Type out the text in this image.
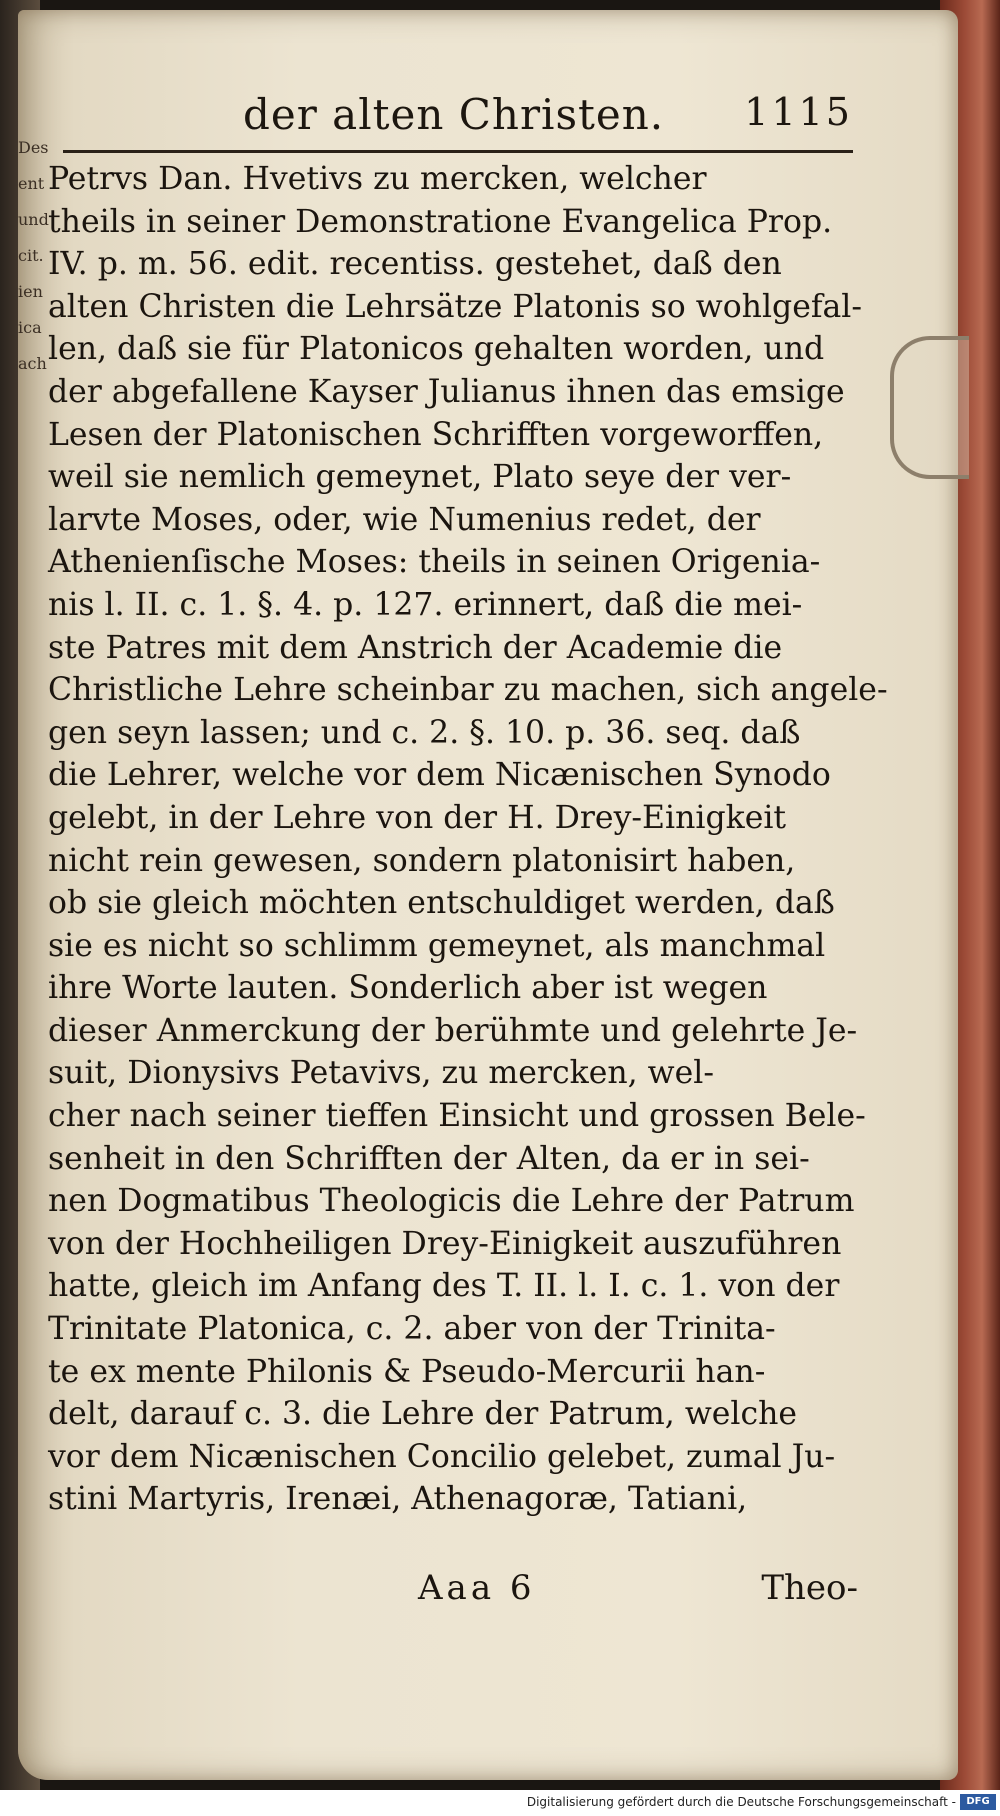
Des
ent
und
cit.
ien
ica
ach
der alten Christen. 1115
Petrvs Dan. Hvetivs zu mercken, welcher
theils in seiner Demonstratione Evangelica Prop.
IV. p. m. 56. edit. recentiss. gestehet, daß den
alten Christen die Lehrsätze Platonis so wohlgefal-
len, daß sie für Platonicos gehalten worden, und
der abgefallene Kayser Julianus ihnen das emsige
Lesen der Platonischen Schrifften vorgeworffen,
weil sie nemlich gemeynet, Plato seye der ver-
larvte Moses, oder, wie Numenius redet, der
Athenienſische Moses: theils in seinen Origenia-
nis l. II. c. 1. §. 4. p. 127. erinnert, daß die mei-
ste Patres mit dem Anstrich der Academie die
Christliche Lehre scheinbar zu machen, sich angele-
gen seyn lassen; und c. 2. §. 10. p. 36. seq. daß
die Lehrer, welche vor dem Nicænischen Synodo
gelebt, in der Lehre von der H. Drey-Einigkeit
nicht rein gewesen, sondern platonisirt haben,
ob sie gleich möchten entschuldiget werden, daß
sie es nicht so schlimm gemeynet, als manchmal
ihre Worte lauten. Sonderlich aber ist wegen
dieser Anmerckung der berühmte und gelehrte Je-
suit, Dionysivs Petavivs, zu mercken, wel-
cher nach seiner tieffen Einsicht und grossen Bele-
senheit in den Schrifften der Alten, da er in sei-
nen Dogmatibus Theologicis die Lehre der Patrum
von der Hochheiligen Drey-Einigkeit auszuführen
hatte, gleich im Anfang des T. II. l. I. c. 1. von der
Trinitate Platonica, c. 2. aber von der Trinita-
te ex mente Philonis & Pseudo-Mercurii han-
delt, darauf c. 3. die Lehre der Patrum, welche
vor dem Nicænischen Concilio gelebet, zumal Ju-
stini Martyris, Irenæi, Athenagoræ, Tatiani,
Aaa 6	Theo-
Digitalisierung gefördert durch die Deutsche Forschungsgemeinschaft -	DFG
